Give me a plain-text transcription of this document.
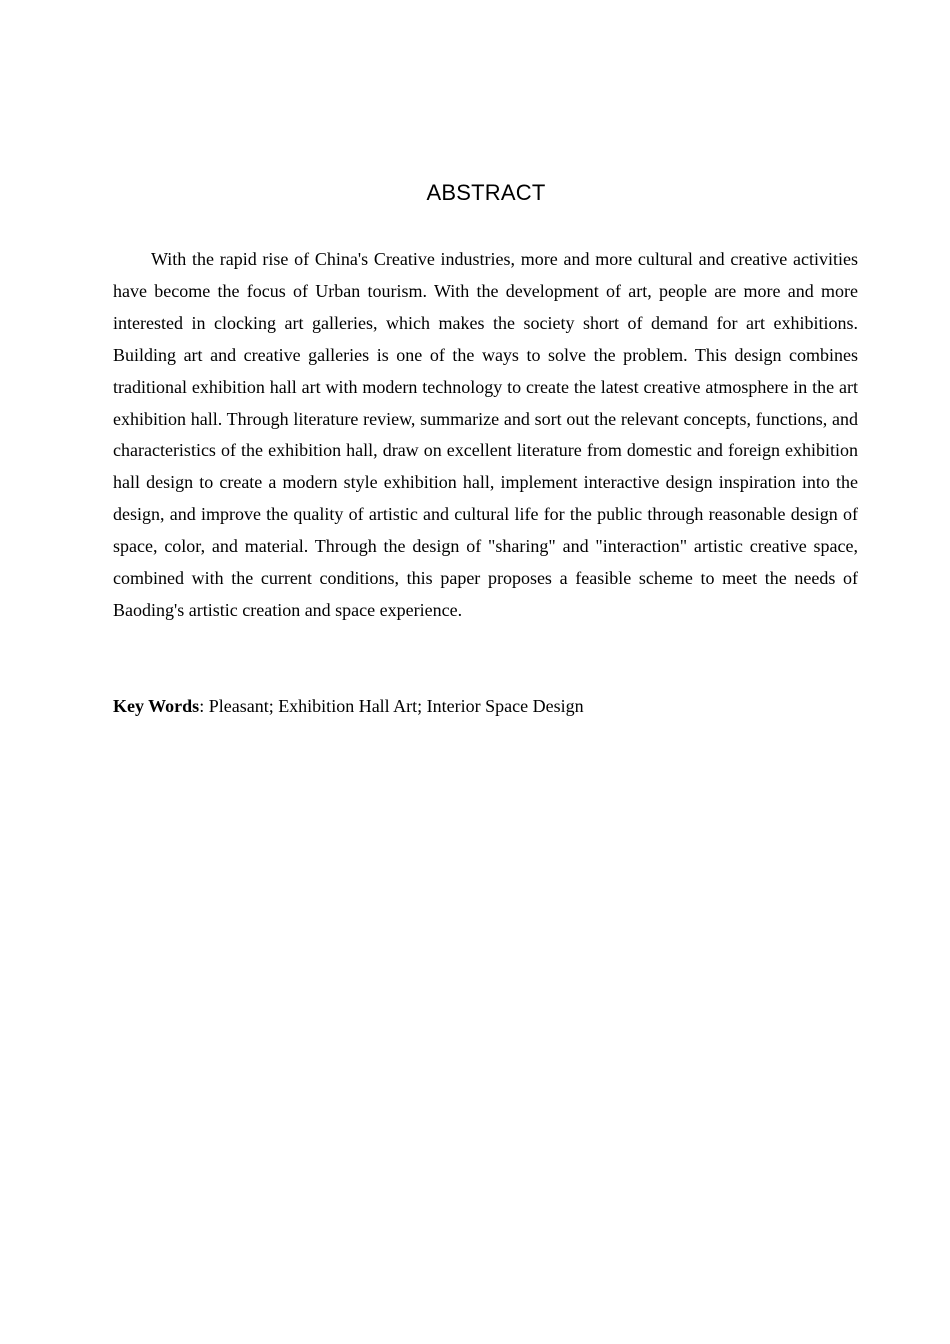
ABSTRACT

With the rapid rise of China's Creative industries, more and more cultural and creative activities have become the focus of Urban tourism. With the development of art, people are more and more interested in clocking art galleries, which makes the society short of demand for art exhibitions. Building art and creative galleries is one of the ways to solve the problem. This design combines traditional exhibition hall art with modern technology to create the latest creative atmosphere in the art exhibition hall. Through literature review, summarize and sort out the relevant concepts, functions, and characteristics of the exhibition hall, draw on excellent literature from domestic and foreign exhibition hall design to create a modern style exhibition hall, implement interactive design inspiration into the design, and improve the quality of artistic and cultural life for the public through reasonable design of space, color, and material. Through the design of "sharing" and "interaction" artistic creative space, combined with the current conditions, this paper proposes a feasible scheme to meet the needs of Baoding's artistic creation and space experience.

Key Words: Pleasant; Exhibition Hall Art; Interior Space Design
